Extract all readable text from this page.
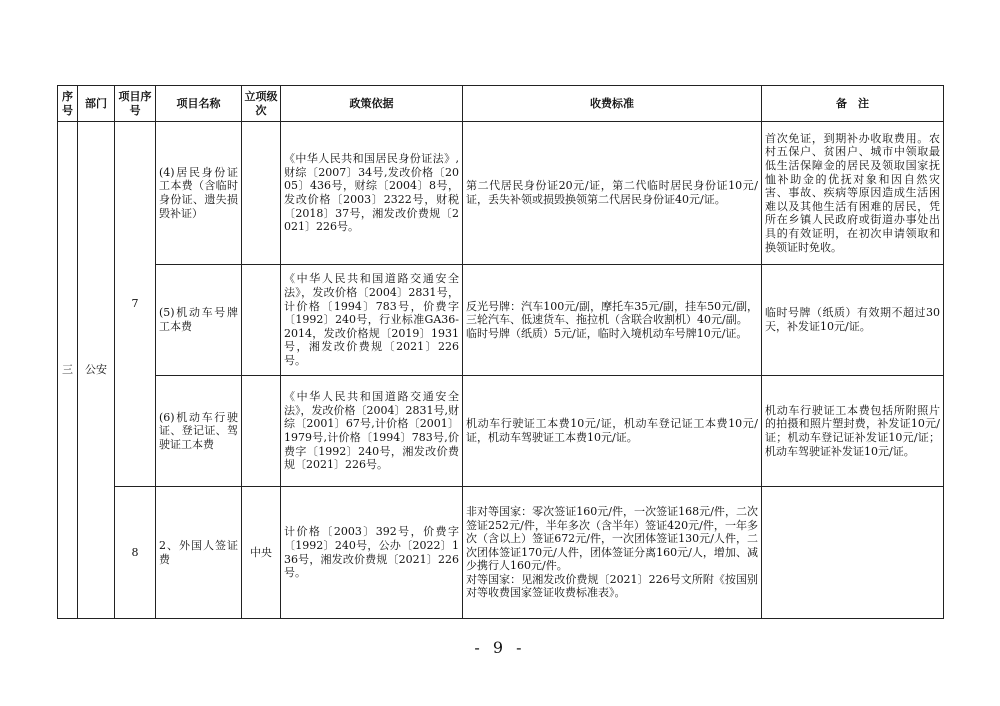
序号	部门	项目序号	项目名称	立项级次	政策依据	收费标准	备　注
三	公安	7	(4)居民身份证工本费（含临时身份证、遗失损毁补证）		《中华人民共和国居民身份证法》,财综〔2007〕34号,发改价格〔2005〕436号，财综〔2004〕8号，发改价格〔2003〕2322号，财税〔2018〕37号，湘发改价费规〔2021〕226号。	第二代居民身份证20元/证，第二代临时居民身份证10元/证，丢失补领或损毁换领第二代居民身份证40元/证。	首次免证，到期补办收取费用。农村五保户、贫困户、城市中领取最低生活保障金的居民及领取国家抚恤补助金的优抚对象和因自然灾害、事故、疾病等原因造成生活困难以及其他生活有困难的居民，凭所在乡镇人民政府或街道办事处出具的有效证明，在初次申请领取和换领证时免收。
			(5)机动车号牌工本费		《中华人民共和国道路交通安全法》，发改价格〔2004〕2831号，计价格〔1994〕783号，价费字〔1992〕240号，行业标准GA36-2014，发改价格规〔2019〕1931号，湘发改价费规〔2021〕226号。	反光号牌：汽车100元/副，摩托车35元/副，挂车50元/副，三轮汽车、低速货车、拖拉机（含联合收割机）40元/副。
临时号牌（纸质）5元/证，临时入境机动车号牌10元/证。	临时号牌（纸质）有效期不超过30天，补发证10元/证。
			(6)机动车行驶证、登记证、驾驶证工本费		《中华人民共和国道路交通安全法》，发改价格〔2004〕2831号,财综〔2001〕67号,计价格〔2001〕1979号,计价格〔1994〕783号,价费字〔1992〕240号，湘发改价费规〔2021〕226号。	机动车行驶证工本费10元/证，机动车登记证工本费10元/证，机动车驾驶证工本费10元/证。	机动车行驶证工本费包括所附照片的拍摄和照片塑封费，补发证10元/证；机动车登记证补发证10元/证；机动车驾驶证补发证10元/证。
		8	2、外国人签证费	中央	计价格〔2003〕392号，价费字〔1992〕240号，公办〔2022〕136号，湘发改价费规〔2021〕226号。	非对等国家：零次签证160元/件，一次签证168元/件，二次签证252元/件，半年多次（含半年）签证420元/件，一年多次（含以上）签证672元/件，一次团体签证130元/人件，二次团体签证170元/人件，团体签证分离160元/人，增加、减少携行人160元/件。
对等国家：见湘发改价费规〔2021〕226号文所附《按国别对等收费国家签证收费标准表》。	
- 9 -
